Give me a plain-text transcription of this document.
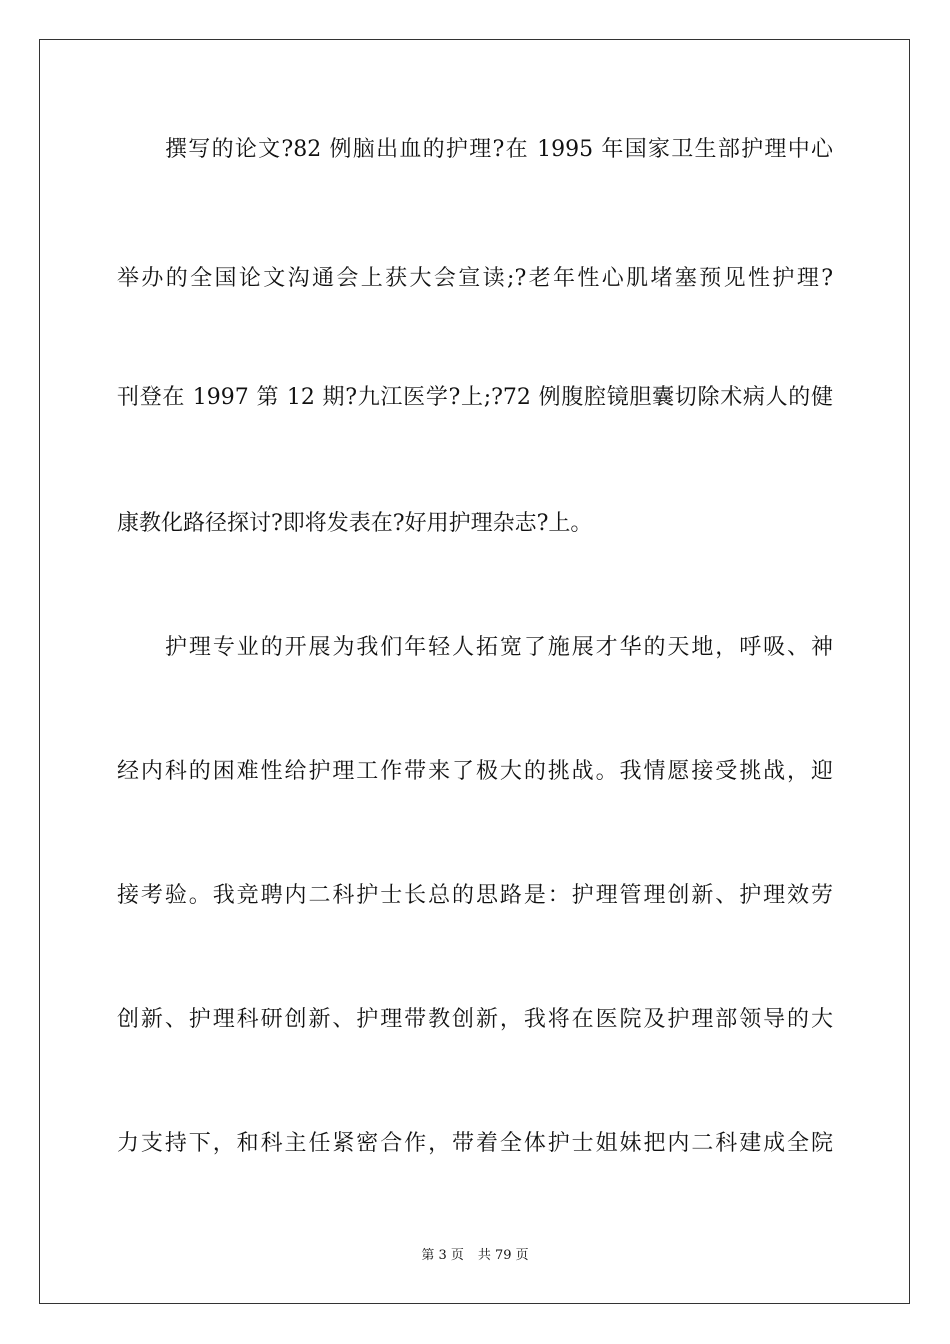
撰写的论文?82 例脑出血的护理?在 1995 年国家卫生部护理中心
举办的全国论文沟通会上获大会宣读;?老年性心肌堵塞预见性护理?
刊登在 1997 第 12 期?九江医学?上;?72 例腹腔镜胆囊切除术病人的健
康教化路径探讨?即将发表在?好用护理杂志?上。
护理专业的开展为我们年轻人拓宽了施展才华的天地，呼吸、神
经内科的困难性给护理工作带来了极大的挑战。我情愿接受挑战，迎
接考验。我竞聘内二科护士长总的思路是：护理管理创新、护理效劳
创新、护理科研创新、护理带教创新，我将在医院及护理部领导的大
力支持下，和科主任紧密合作，带着全体护士姐妹把内二科建成全院
第 3 页 共 79 页
